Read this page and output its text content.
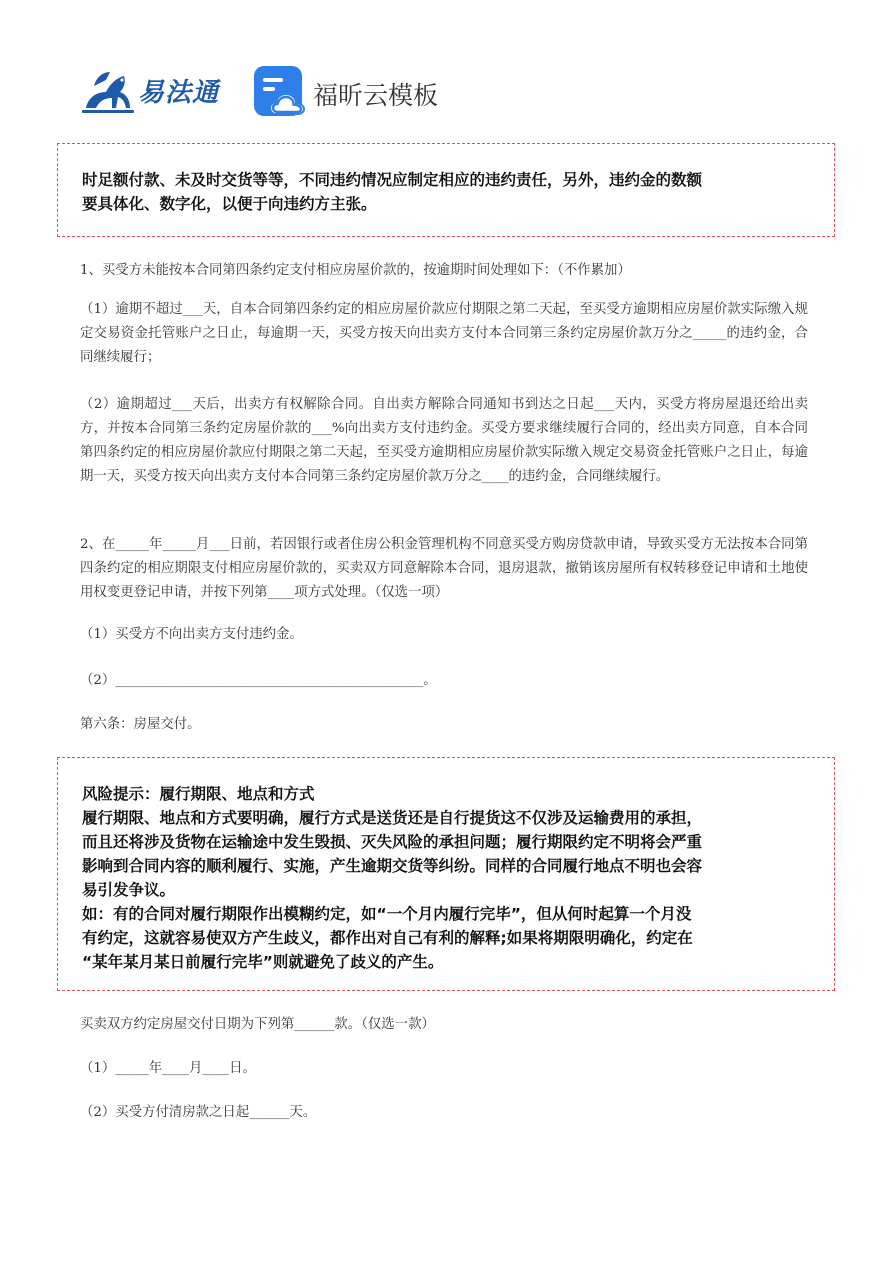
易法通	福昕云模板

时足额付款、未及时交货等等，不同违约情况应制定相应的违约责任，另外，违约金的数额

要具体化、数字化，以便于向违约方主张。

1、买受方未能按本合同第四条约定支付相应房屋价款的，按逾期时间处理如下：（不作累加）

（1）逾期不超过___天，自本合同第四条约定的相应房屋价款应付期限之第二天起，至买受方逾期相应房屋价款实际缴入规定交易资金托管账户之日止，每逾期一天，买受方按天向出卖方支付本合同第三条约定房屋价款万分之_____的违约金，合同继续履行；

（2）逾期超过___天后，出卖方有权解除合同。自出卖方解除合同通知书到达之日起___天内，买受方将房屋退还给出卖方，并按本合同第三条约定房屋价款的___%向出卖方支付违约金。买受方要求继续履行合同的，经出卖方同意，自本合同第四条约定的相应房屋价款应付期限之第二天起，至买受方逾期相应房屋价款实际缴入规定交易资金托管账户之日止，每逾期一天，买受方按天向出卖方支付本合同第三条约定房屋价款万分之____的违约金，合同继续履行。

2、在_____年_____月___日前，若因银行或者住房公积金管理机构不同意买受方购房贷款申请，导致买受方无法按本合同第四条约定的相应期限支付相应房屋价款的，买卖双方同意解除本合同，退房退款，撤销该房屋所有权转移登记申请和土地使用权变更登记申请，并按下列第____项方式处理。（仅选一项）

（1）买受方不向出卖方支付违约金。

（2）______________________________________________。

第六条：房屋交付。

风险提示：履行期限、地点和方式

履行期限、地点和方式要明确，履行方式是送货还是自行提货这不仅涉及运输费用的承担，

而且还将涉及货物在运输途中发生毁损、灭失风险的承担问题；履行期限约定不明将会严重

影响到合同内容的顺利履行、实施，产生逾期交货等纠纷。同样的合同履行地点不明也会容

易引发争议。

如：有的合同对履行期限作出模糊约定，如“一个月内履行完毕”，但从何时起算一个月没

有约定，这就容易使双方产生歧义，都作出对自己有利的解释;如果将期限明确化，约定在

“某年某月某日前履行完毕”则就避免了歧义的产生。

买卖双方约定房屋交付日期为下列第______款。（仅选一款）

（1）_____年____月____日。

（2）买受方付清房款之日起______天。
